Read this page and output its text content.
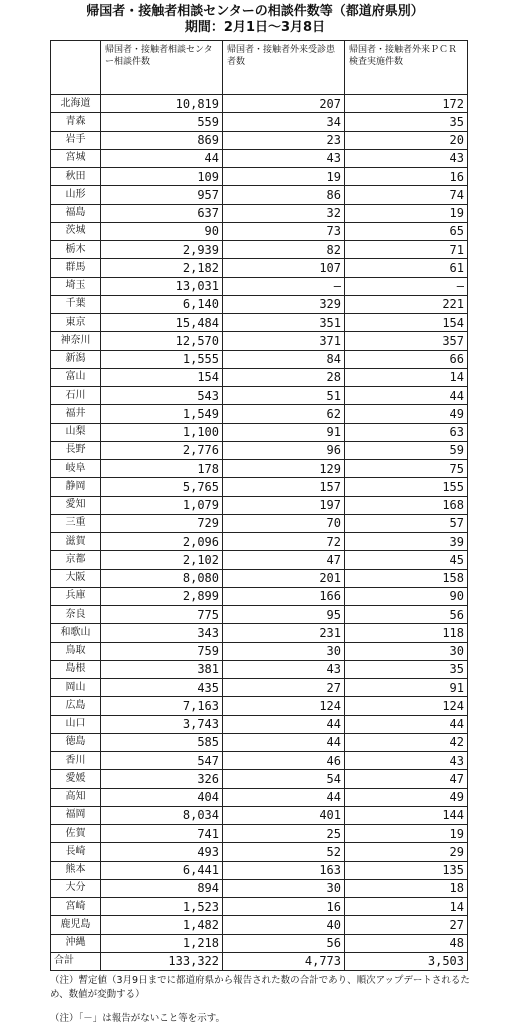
帰国者・接触者相談センターの相談件数等（都道府県別）
期間：2月1日～3月8日
	帰国者・接触者相談センター相談件数	帰国者・接触者外来受診患者数	帰国者・接触者外来ＰＣＲ検査実施件数
北海道	10,819	207	172
青森	559	34	35
岩手	869	23	20
宮城	44	43	43
秋田	109	19	16
山形	957	86	74
福島	637	32	19
茨城	90	73	65
栃木	2,939	82	71
群馬	2,182	107	61
埼玉	13,031	―	―
千葉	6,140	329	221
東京	15,484	351	154
神奈川	12,570	371	357
新潟	1,555	84	66
富山	154	28	14
石川	543	51	44
福井	1,549	62	49
山梨	1,100	91	63
長野	2,776	96	59
岐阜	178	129	75
静岡	5,765	157	155
愛知	1,079	197	168
三重	729	70	57
滋賀	2,096	72	39
京都	2,102	47	45
大阪	8,080	201	158
兵庫	2,899	166	90
奈良	775	95	56
和歌山	343	231	118
鳥取	759	30	30
島根	381	43	35
岡山	435	27	91
広島	7,163	124	124
山口	3,743	44	44
徳島	585	44	42
香川	547	46	43
愛媛	326	54	47
高知	404	44	49
福岡	8,034	401	144
佐賀	741	25	19
長崎	493	52	29
熊本	6,441	163	135
大分	894	30	18
宮崎	1,523	16	14
鹿児島	1,482	40	27
沖縄	1,218	56	48
合計	133,322	4,773	3,503
（注）暫定値（3月9日までに都道府県から報告された数の合計であり、順次アップデートされるため、数値が変動する）
（注）「－」は報告がないこと等を示す。
